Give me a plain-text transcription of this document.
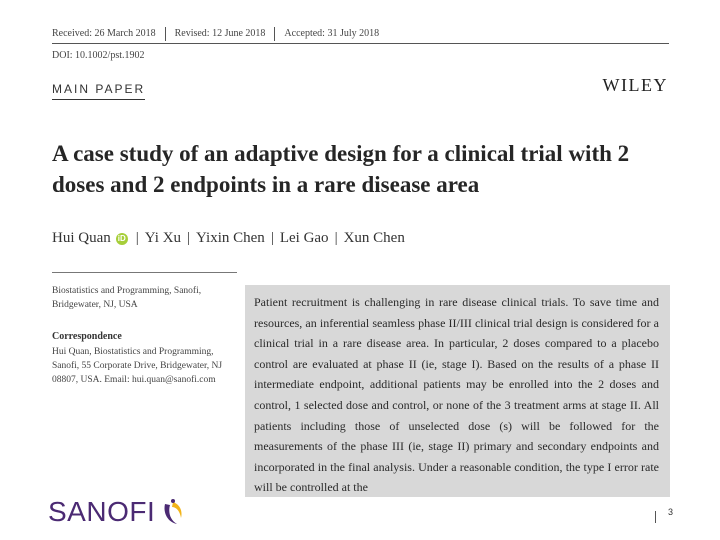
Received: 26 March 2018 Revised: 12 June 2018 Accepted: 31 July 2018
DOI: 10.1002/pst.1902
MAIN PAPER	WILEY
A case study of an adaptive design for a clinical trial with 2 doses and 2 endpoints in a rare disease area
Hui Quan iD | Yi Xu | Yixin Chen | Lei Gao | Xun Chen
Biostatistics and Programming, Sanofi, Bridgewater, NJ, USA
Correspondence
Hui Quan, Biostatistics and Programming, Sanofi, 55 Corporate Drive, Bridgewater, NJ 08807, USA. Email: hui.quan@sanofi.com

Patient recruitment is challenging in rare disease clinical trials. To save time and resources, an inferential seamless phase II/III clinical trial design is considered for a clinical trial in a rare disease area. In particular, 2 doses compared to a placebo control are evaluated at phase II (ie, stage I). Based on the results of a phase II intermediate endpoint, additional patients may be enrolled into the 2 doses and control, 1 selected dose and control, or none of the 3 treatment arms at stage II. All patients including those of unselected dose (s) will be followed for the measurements of the phase III (ie, stage II) primary and secondary endpoints and incorporated in the final analysis. Under a reasonable condition, the type I error rate will be controlled at the

SANOFI	3
